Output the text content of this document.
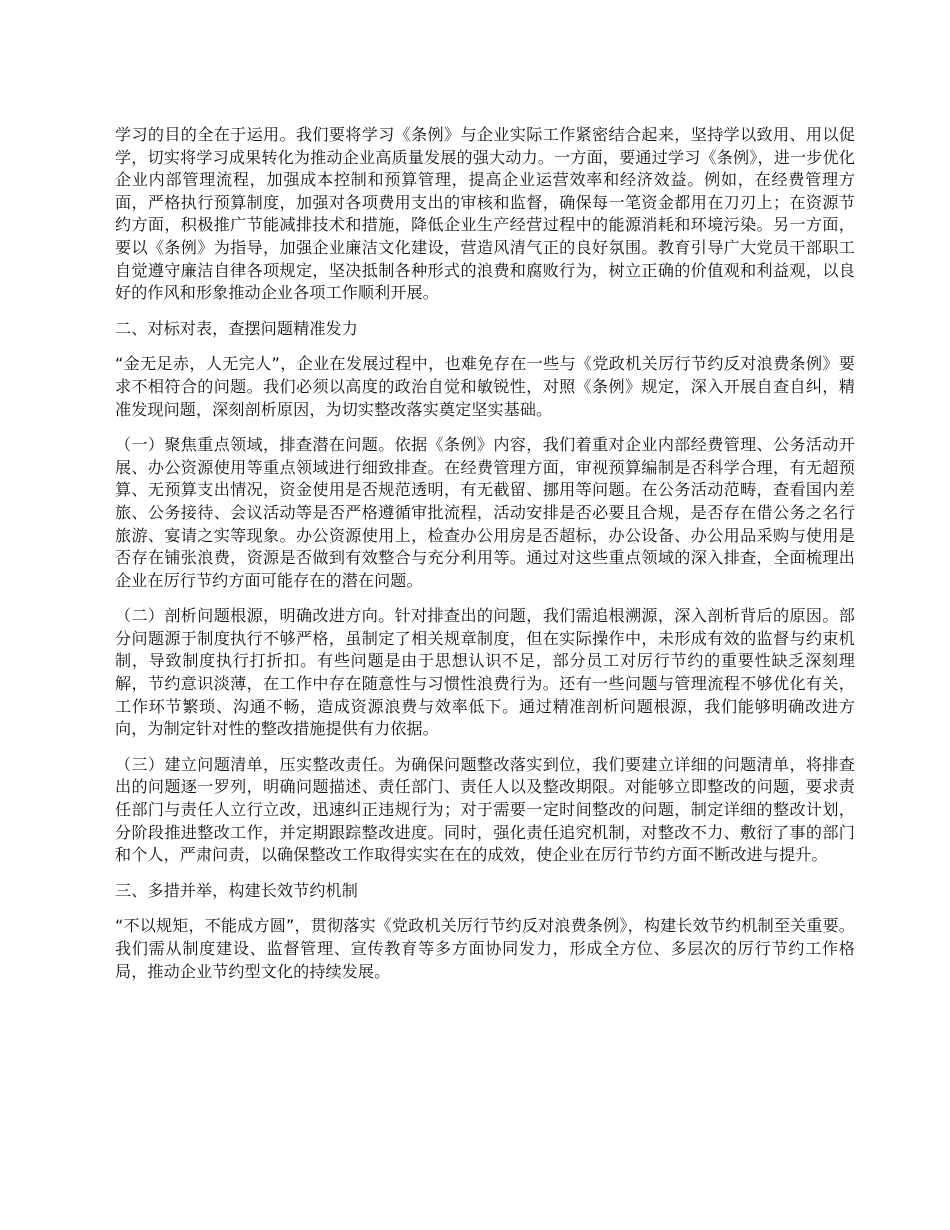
学习的目的全在于运用。我们要将学习《条例》与企业实际工作紧密结合起来，坚持学以致用、用以促学，切实将学习成果转化为推动企业高质量发展的强大动力。一方面，要通过学习《条例》，进一步优化企业内部管理流程，加强成本控制和预算管理，提高企业运营效率和经济效益。例如，在经费管理方面，严格执行预算制度，加强对各项费用支出的审核和监督，确保每一笔资金都用在刀刃上；在资源节约方面，积极推广节能减排技术和措施，降低企业生产经营过程中的能源消耗和环境污染。另一方面，要以《条例》为指导，加强企业廉洁文化建设，营造风清气正的良好氛围。教育引导广大党员干部职工自觉遵守廉洁自律各项规定，坚决抵制各种形式的浪费和腐败行为，树立正确的价值观和利益观，以良好的作风和形象推动企业各项工作顺利开展。

二、对标对表，查摆问题精准发力

“金无足赤，人无完人”，企业在发展过程中，也难免存在一些与《党政机关厉行节约反对浪费条例》要求不相符合的问题。我们必须以高度的政治自觉和敏锐性，对照《条例》规定，深入开展自查自纠，精准发现问题，深刻剖析原因，为切实整改落实奠定坚实基础。

（一）聚焦重点领域，排查潜在问题。依据《条例》内容，我们着重对企业内部经费管理、公务活动开展、办公资源使用等重点领域进行细致排查。在经费管理方面，审视预算编制是否科学合理，有无超预算、无预算支出情况，资金使用是否规范透明，有无截留、挪用等问题。在公务活动范畴，查看国内差旅、公务接待、会议活动等是否严格遵循审批流程，活动安排是否必要且合规，是否存在借公务之名行旅游、宴请之实等现象。办公资源使用上，检查办公用房是否超标，办公设备、办公用品采购与使用是否存在铺张浪费，资源是否做到有效整合与充分利用等。通过对这些重点领域的深入排查，全面梳理出企业在厉行节约方面可能存在的潜在问题。

（二）剖析问题根源，明确改进方向。针对排查出的问题，我们需追根溯源，深入剖析背后的原因。部分问题源于制度执行不够严格，虽制定了相关规章制度，但在实际操作中，未形成有效的监督与约束机制，导致制度执行打折扣。有些问题是由于思想认识不足，部分员工对厉行节约的重要性缺乏深刻理解，节约意识淡薄，在工作中存在随意性与习惯性浪费行为。还有一些问题与管理流程不够优化有关，工作环节繁琐、沟通不畅，造成资源浪费与效率低下。通过精准剖析问题根源，我们能够明确改进方向，为制定针对性的整改措施提供有力依据。

（三）建立问题清单，压实整改责任。为确保问题整改落实到位，我们要建立详细的问题清单，将排查出的问题逐一罗列，明确问题描述、责任部门、责任人以及整改期限。对能够立即整改的问题，要求责任部门与责任人立行立改，迅速纠正违规行为；对于需要一定时间整改的问题，制定详细的整改计划，分阶段推进整改工作，并定期跟踪整改进度。同时，强化责任追究机制，对整改不力、敷衍了事的部门和个人，严肃问责，以确保整改工作取得实实在在的成效，使企业在厉行节约方面不断改进与提升。

三、多措并举，构建长效节约机制

“不以规矩，不能成方圆”，贯彻落实《党政机关厉行节约反对浪费条例》，构建长效节约机制至关重要。我们需从制度建设、监督管理、宣传教育等多方面协同发力，形成全方位、多层次的厉行节约工作格局，推动企业节约型文化的持续发展。
